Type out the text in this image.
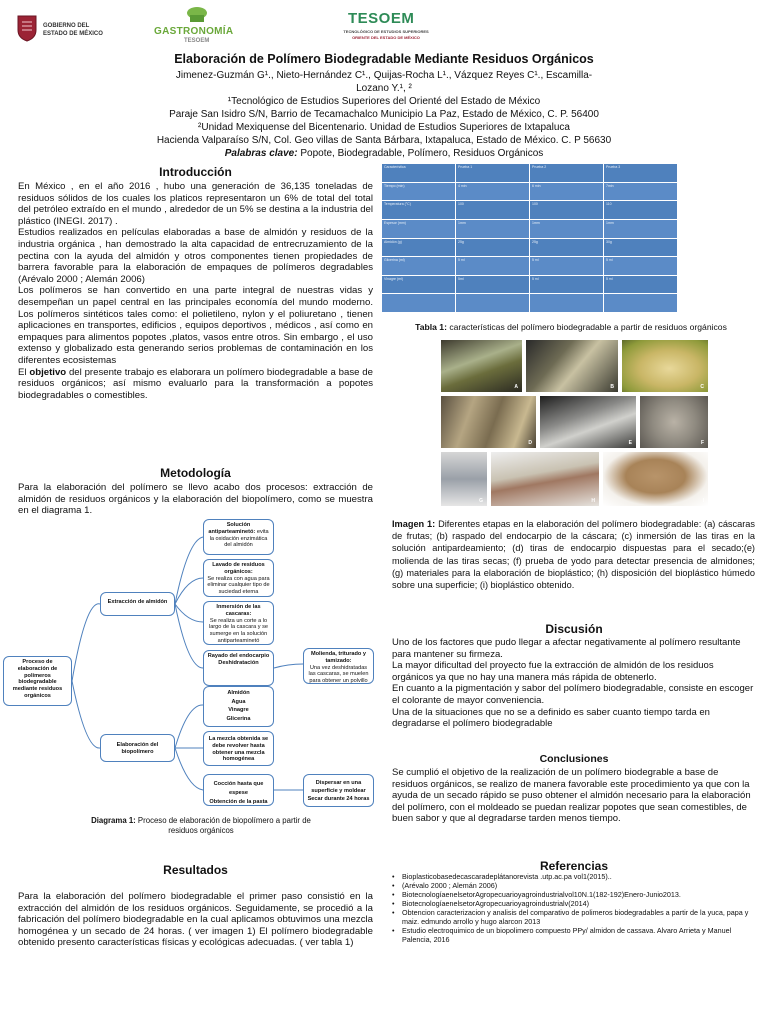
GOBIERNO DEL
ESTADO DE MÉXICO	GASTRONOMÍA
TESOEM
TESOEM
TECNOLÓGICO DE ESTUDIOS SUPERIORES
ORIENTE DEL ESTADO DE MÉXICO
Elaboración de Polímero Biodegradable Mediante Residuos Orgánicos
Jimenez-Guzmán G¹., Nieto-Hernández C¹., Quijas-Rocha L¹., Vázquez Reyes C¹., Escamilla-
Lozano Y.¹, ²
¹Tecnológico de Estudios Superiores del Orienté del Estado de México
Paraje San Isidro S/N, Barrio de Tecamachalco Municipio La Paz, Estado de México, C. P. 56400
²Unidad Mexiquense del Bicentenario. Unidad de Estudios Superiores de Ixtapaluca
Hacienda Valparaíso S/N, Col. Geo villas de Santa Bárbara, Ixtapaluca, Estado de México. C. P 56630
Palabras clave: Popote, Biodegradable, Polímero, Residuos Orgánicos
Introducción

En México , en el año 2016 , hubo una generación de 36,135 toneladas de residuos sólidos de los cuales los platicos representaron un 6% de total del total del petróleo extraído en el mundo , alrededor de un 5% se destina a la industria del plástico (INEGI. 2017) .

Estudios realizados en películas elaboradas a base de almidón y residuos de la industria orgánica , han demostrado la alta capacidad de entrecruzamiento de la pectina con la ayuda del almidón y otros componentes tienen propiedades de barrera favorable para la elaboración de empaques de polímeros degradables (Arévalo 2000 ; Alemán 2006)

Los polímeros se han convertido en una parte integral de nuestras vidas y desempeñan un papel central en las principales economía del mundo moderno. Los polímeros sintéticos tales como: el polietileno, nylon y el poliuretano , tienen aplicaciones en transportes, edificios , equipos deportivos , médicos , así como en empaques para alimentos popotes ,platos, vasos entre otros. Sin embargo , el uso extenso y globalizado esta generando serios problemas de contaminación en los diferentes ecosistemas

El objetivo del presente trabajo es elaborara un polímero biodegradable a base de residuos orgánicos; así mismo evaluarlo para la transformación a popotes biodegradables o comestibles.

Metodología

Para la elaboración del polímero se llevo acabo dos procesos: extracción de almidón de residuos orgánicos y la elaboración del biopolímero, como se muestra en el diagrama 1.

Proceso de elaboración de polímeros biodegradable mediante residuos orgánicos
Extracción de almidón
Elaboración del biopolímero
Solución antiparteaminetó: evita la oxidación enzimática del almidón
Lavado de residuos orgánicos:
Se realiza con agua para eliminar cualquier tipo de suciedad eterna
Inmersión de las cascaras:
Se realiza un corte a lo largo de la cascara y se sumerge en la solución antiparteaminetó
Rayado del endocarpio
Deshidratación
Molienda, triturado y tamizado:
Una vez deshidratadas las cascaras, se muelen para obtener un polvillo
Almidón
Agua
Vinagre
Glicerina
La mezcla obtenida se debe revolver hasta obtener una mezcla homogénea
Cocción hasta que espese
Obtención de la pasta
Dispersar en una superficie y moldear
Secar durante 24 horas
Diagrama 1: Proceso de elaboración de biopolímero a partir de residuos orgánicos
Resultados

Para la elaboración del polímero biodegradable el primer paso consistió en la extracción del almidón de los residuos orgánicos. Seguidamente, se procedió a la fabricación del polímero biodegradable en la cual aplicamos obtuvimos una mezcla homogénea y un secado de 24 horas. ( ver imagen 1) El polímero biodegradable obtenido presento características físicas y ecológicas adecuadas. ( ver tabla 1)

Característica	Prueba 1	Prueba 2	Prueba 3
Tiempo (min)	4 min	6 min	7min
Temperatura (°C)	100	100	110
Espesor (mm)	1mm	1mm	1mm
Almidón (g)	25g	25g	30g
Glicerina (ml)	5 ml	5 ml	5 ml
Vinagre (ml)	5ml	5 ml	5 ml

Tabla 1: características del polímero biodegradable a partir de residuos orgánicos
A	B	C
D	E	F
G	H	I
Imagen 1: Diferentes etapas en la elaboración del polímero biodegradable: (a) cáscaras de frutas; (b) raspado del endocarpio de la cáscara; (c) inmersión de las tiras en la solución antipardeamiento; (d) tiras de endocarpio dispuestas para el secado;(e) molienda de las tiras secas; (f) prueba de yodo para detectar presencia de almidones; (g) materiales para la elaboración de bioplástico; (h) disposición del bioplástico húmedo sobre una superficie; (i) bioplástico obtenido.
Discusión

Uno de los factores que pudo llegar a afectar negativamente al polímero resultante para mantener su firmeza.

La mayor dificultad del proyecto fue la extracción de almidón de los residuos orgánicos ya que no hay una manera más rápida de obtenerlo.

En cuanto a la pigmentación y sabor del polímero biodegradable, consiste en escoger el colorante de mayor conveniencia.

Una de la situaciones que no se a definido es saber cuanto tiempo tarda en degradarse el polímero biodegradable

Conclusiones

Se cumplió el objetivo de la realización de un polímero biodegrable a base de residuos orgánicos, se realizo de manera favorable este procedimiento ya que con la ayuda de un secado rápido se puso obtener el almidón necesario para la elaboración del polímero, con el moldeado se puedan realizar popotes que sean comestibles, de buen sabor y que al degradarse tarden menos tiempo.

Referencias
• Bioplasticobasedecascaradeplátanorevista .utp.ac.pa vol1(2015)..
• (Arévalo 2000 ; Alemán 2006)
• BiotecnologíaenelsetorAgropecuarioyagroindustrialvol10N.1(182-192)Enero-Junio2013.
• BiotecnologíaenelsetorAgropecuarioyagroindustrialv(2014)
• Obtencion caracterizacion y analisis del comparativo de polimeros biodegradables a partir de la yuca, papa y maiz. edmundo arrollo y hugo alarcon 2013
• Estudio electroquimico de un biopolimero compuesto PPy/ almidon de cassava. Alvaro Arrieta y Manuel Palencia, 2016
